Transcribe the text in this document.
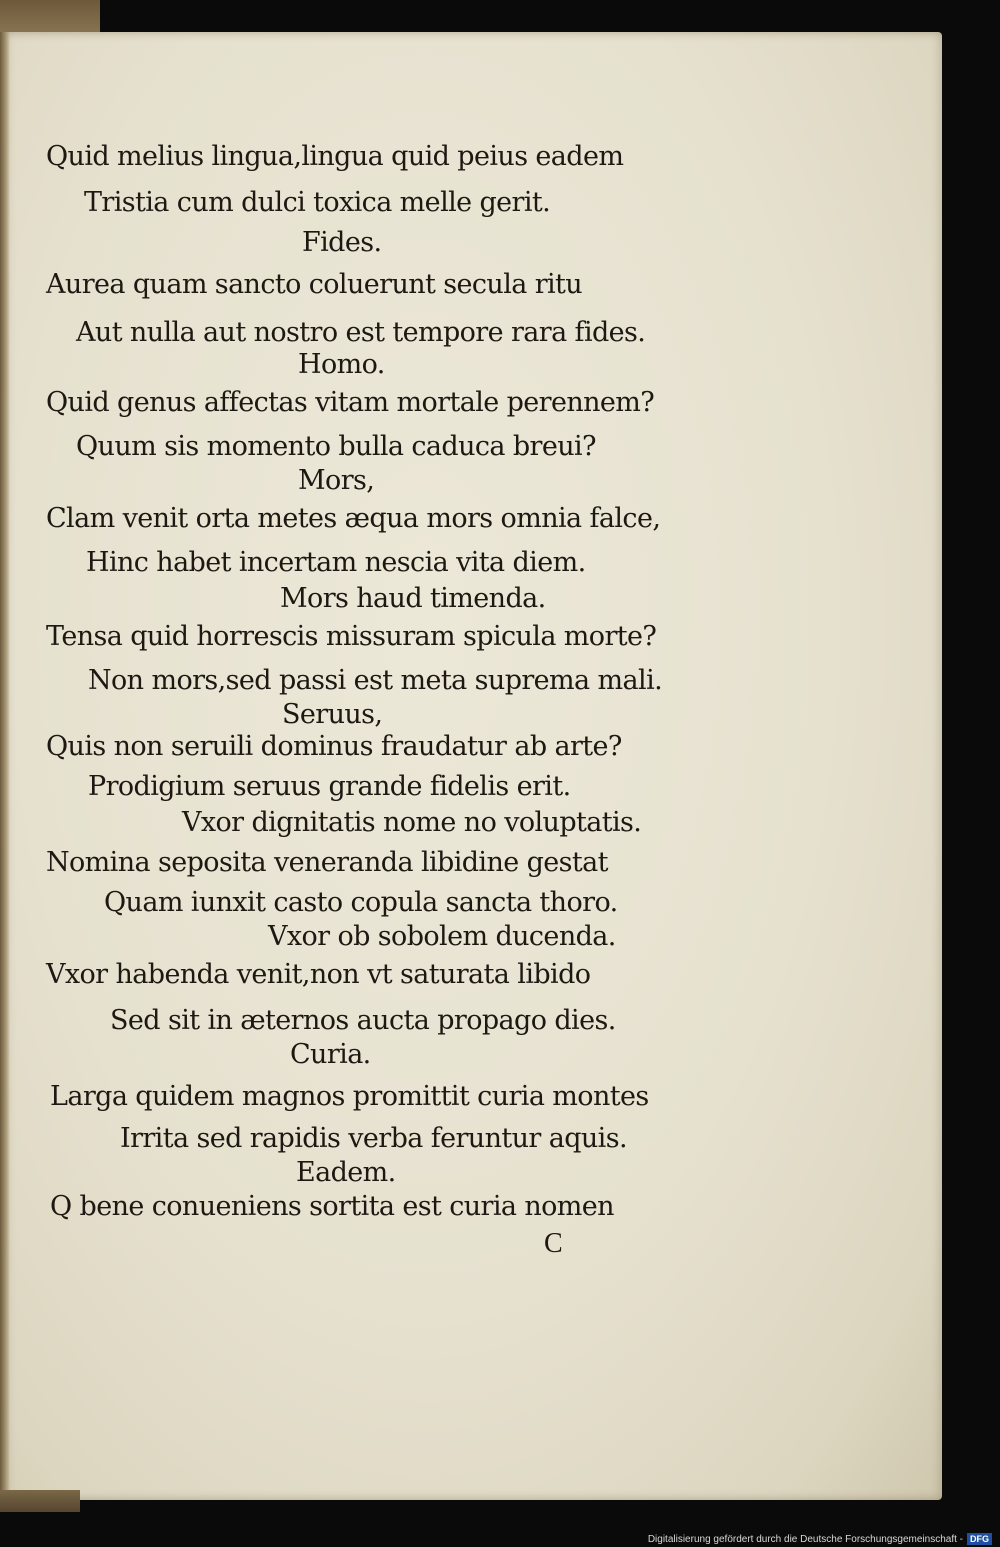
Quid melius lingua,lingua quid peius eadem
Tristia cum dulci toxica melle gerit.
Fides.
Aurea quam sancto coluerunt secula ritu
Aut nulla aut nostro est tempore rara fides.
Homo.
Quid genus affectas vitam mortale perennem?
Quum sis momento bulla caduca breui?
Mors,
Clam venit orta metes æqua mors omnia falce,
Hinc habet incertam nescia vita diem.
Mors haud timenda.
Tensa quid horrescis missuram spicula morte?
Non mors,sed passi est meta suprema mali.
Seruus,
Quis non seruili dominus fraudatur ab arte?
Prodigium seruus grande fidelis erit.
Vxor dignitatis nome no voluptatis.
Nomina seposita veneranda libidine gestat
Quam iunxit casto copula sancta thoro.
Vxor ob sobolem ducenda.
Vxor habenda venit,non vt saturata libido
Sed sit in æternos aucta propago dies.
Curia.
Larga quidem magnos promittit curia montes
Irrita sed rapidis verba feruntur aquis.
Eadem.
Q bene conueniens sortita est curia nomen
C
Digitalisierung gefördert durch die Deutsche Forschungsgemeinschaft - DFG
